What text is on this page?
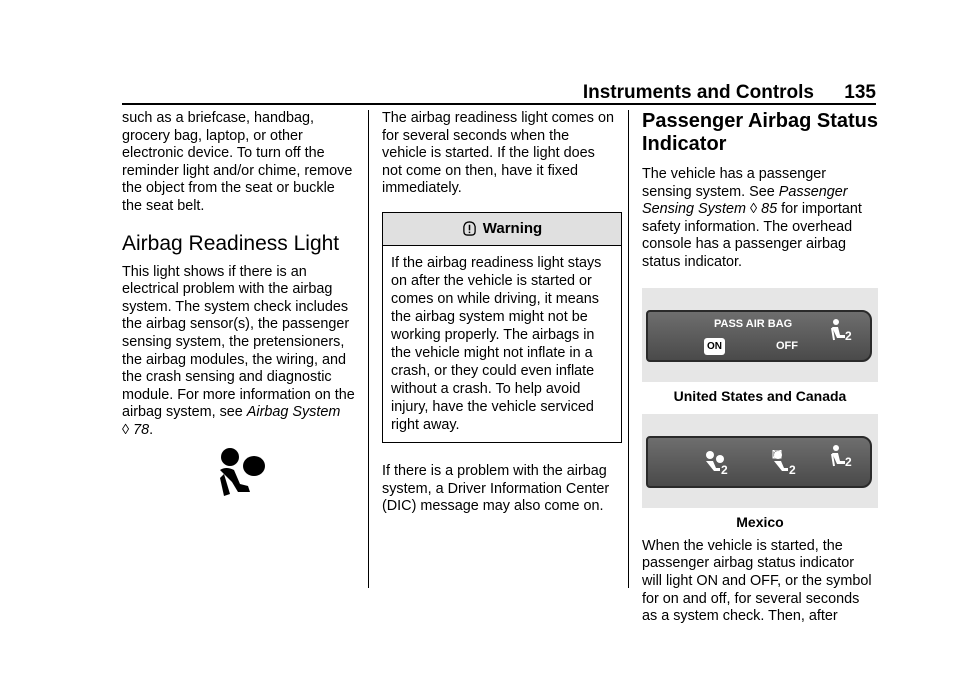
Instruments and Controls 135

such as a briefcase, handbag,

grocery bag, laptop, or other

electronic device. To turn off the

reminder light and/or chime, remove

the object from the seat or buckle

the seat belt.

Airbag Readiness Light

This light shows if there is an

electrical problem with the airbag

system. The system check includes

the airbag sensor(s), the passenger

sensing system, the pretensioners,

the airbag modules, the wiring, and

the crash sensing and diagnostic

module. For more information on the

airbag system, see Airbag System

◊ 78.

The airbag readiness light comes on

for several seconds when the

vehicle is started. If the light does

not come on then, have it fixed

immediately.

Warning

If the airbag readiness light stays

on after the vehicle is started or

comes on while driving, it means

the airbag system might not be

working properly. The airbags in

the vehicle might not inflate in a

crash, or they could even inflate

without a crash. To help avoid

injury, have the vehicle serviced

right away.

If there is a problem with the airbag

system, a Driver Information Center

(DIC) message may also come on.

Passenger Airbag Status
Indicator

The vehicle has a passenger

sensing system. See Passenger

Sensing System ◊ 85 for important

safety information. The overhead

console has a passenger airbag

status indicator.

PASS AIR BAG
ON	OFF
2

United States and Canada

2	2
2

Mexico

When the vehicle is started, the

passenger airbag status indicator

will light ON and OFF, or the symbol

for on and off, for several seconds

as a system check. Then, after
